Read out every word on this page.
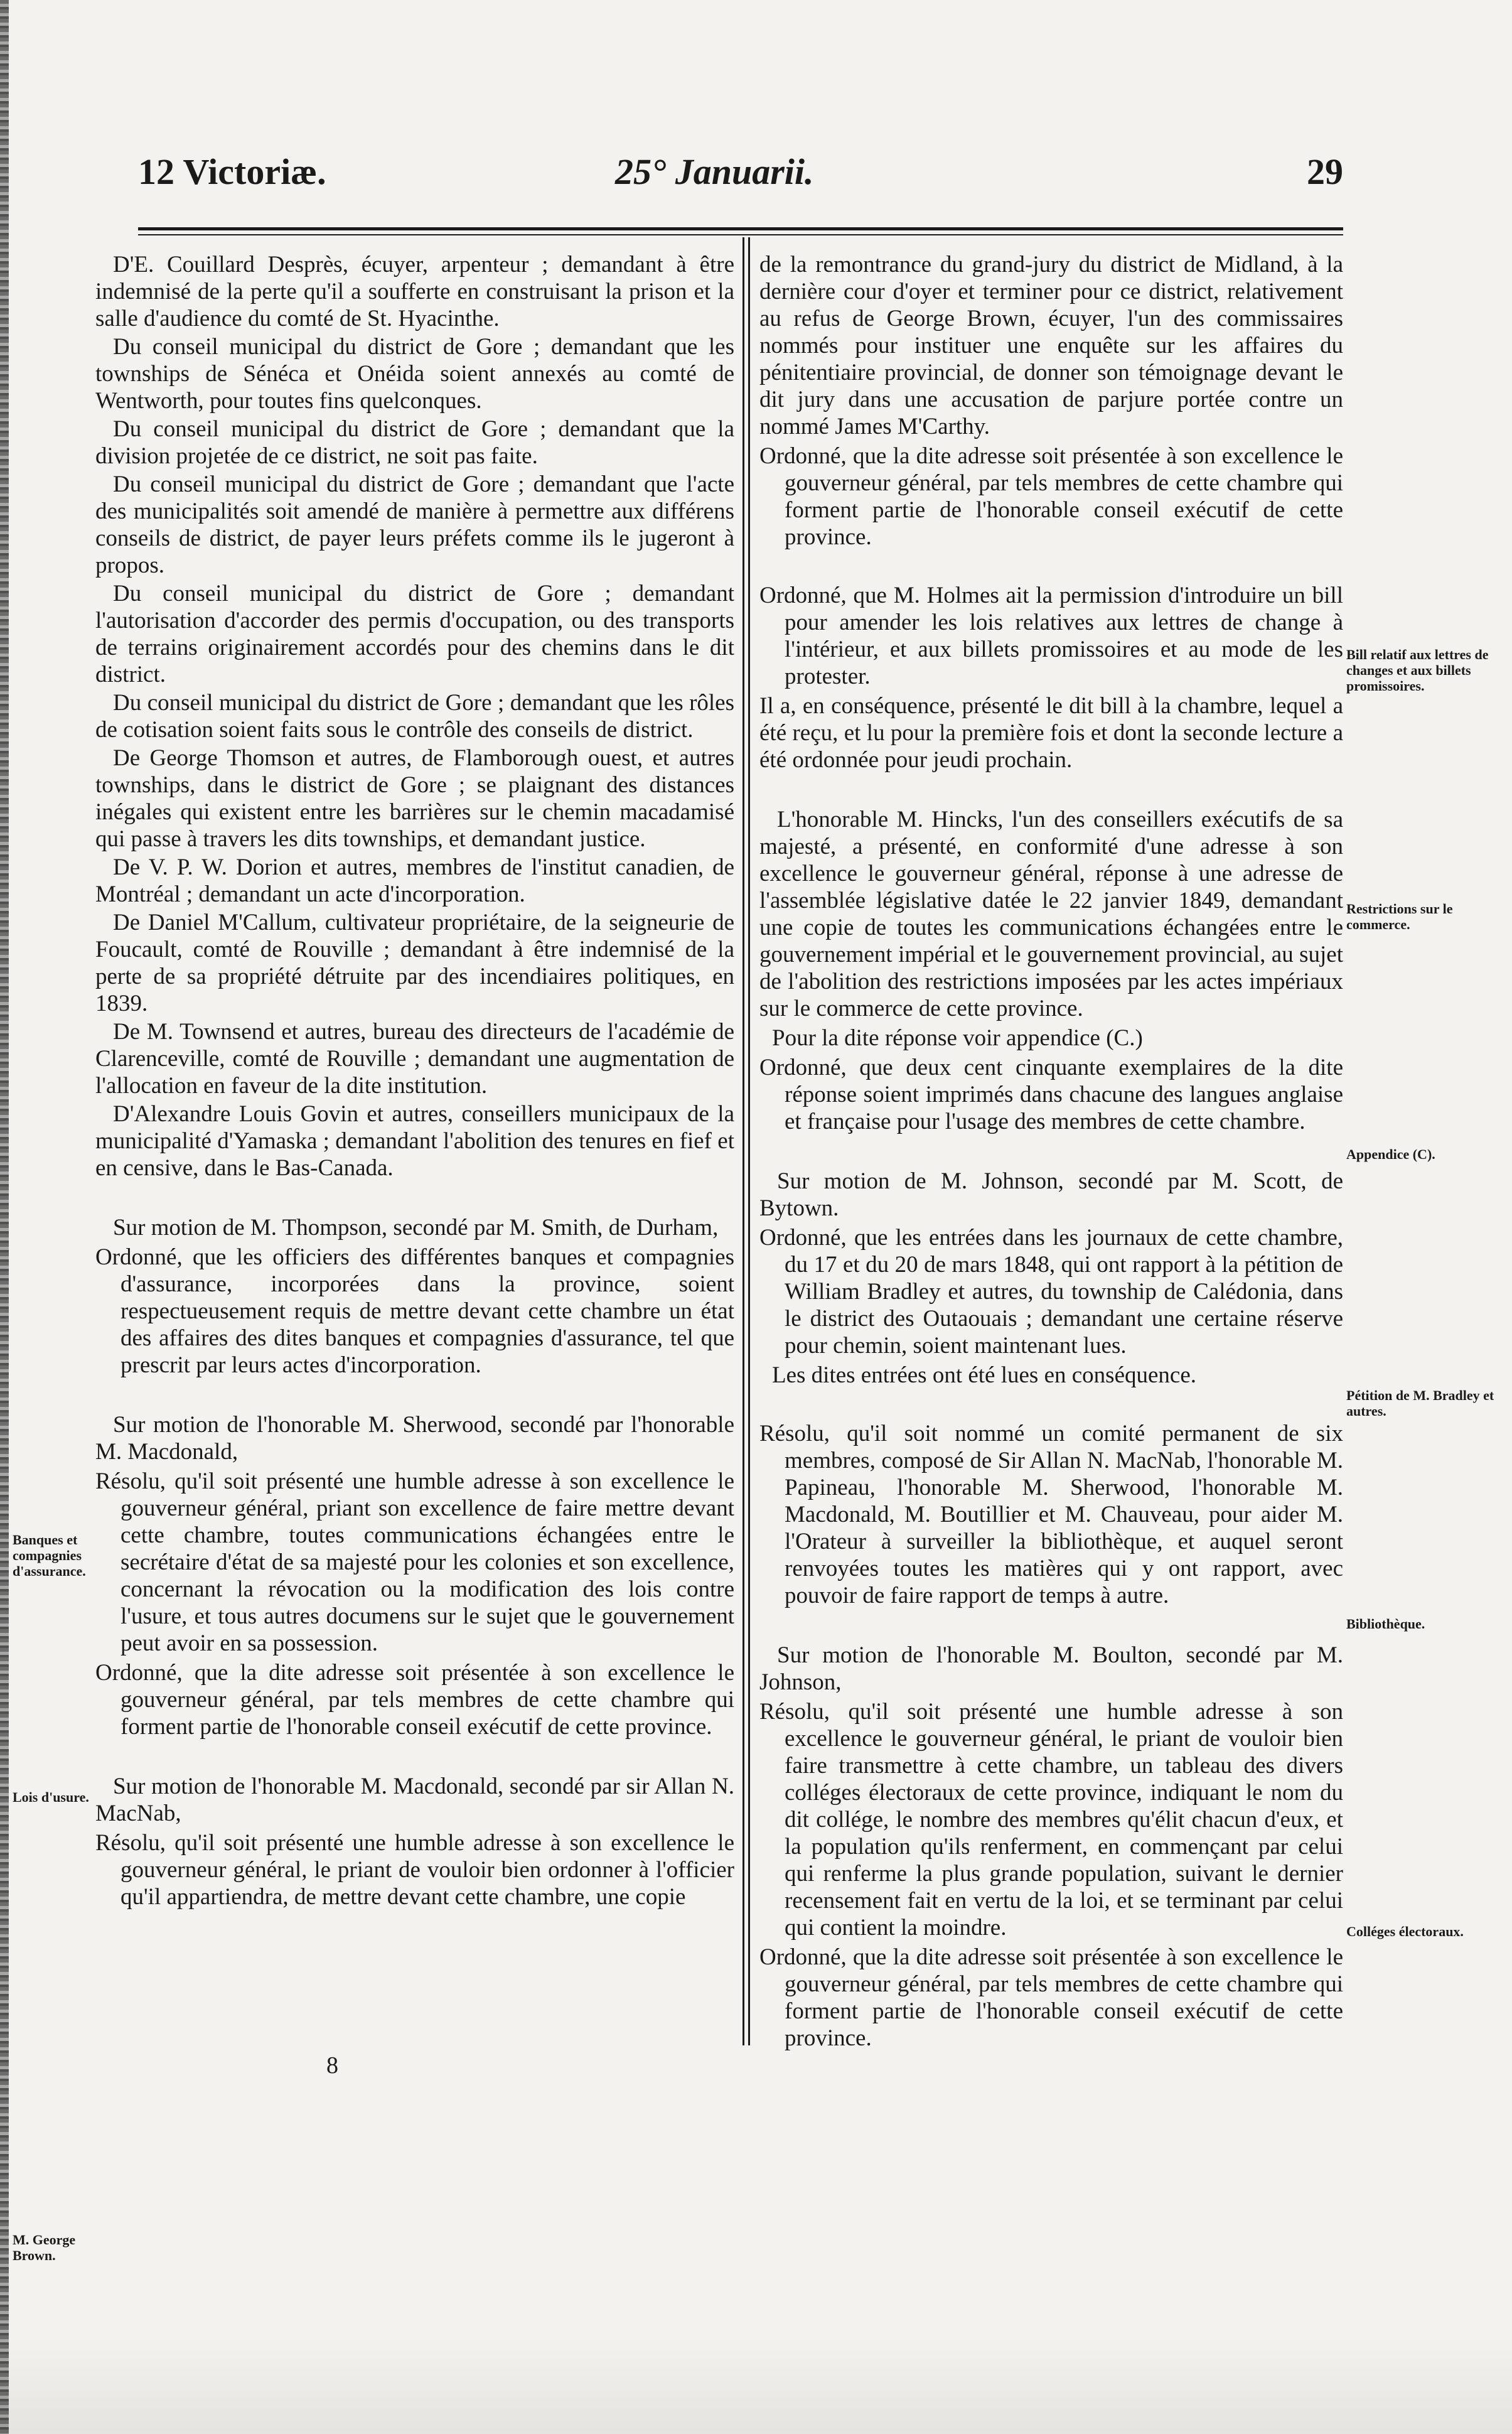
12 Victoriæ.	25° Januarii.	29

D'E. Couillard Desprès, écuyer, arpenteur ; demandant à être indemnisé de la perte qu'il a soufferte en construisant la prison et la salle d'audience du comté de St. Hyacinthe.

Du conseil municipal du district de Gore ; demandant que les townships de Sénéca et Onéida soient annexés au comté de Wentworth, pour toutes fins quelconques.

Du conseil municipal du district de Gore ; demandant que la division projetée de ce district, ne soit pas faite.

Du conseil municipal du district de Gore ; demandant que l'acte des municipalités soit amendé de manière à permettre aux différens conseils de district, de payer leurs préfets comme ils le jugeront à propos.

Du conseil municipal du district de Gore ; demandant l'autorisation d'accorder des permis d'occupation, ou des transports de terrains originairement accordés pour des chemins dans le dit district.

Du conseil municipal du district de Gore ; demandant que les rôles de cotisation soient faits sous le contrôle des conseils de district.

De George Thomson et autres, de Flamborough ouest, et autres townships, dans le district de Gore ; se plaignant des distances inégales qui existent entre les barrières sur le chemin macadamisé qui passe à travers les dits townships, et demandant justice.

De V. P. W. Dorion et autres, membres de l'institut canadien, de Montréal ; demandant un acte d'incorporation.

De Daniel M'Callum, cultivateur propriétaire, de la seigneurie de Foucault, comté de Rouville ; demandant à être indemnisé de la perte de sa propriété détruite par des incendiaires politiques, en 1839.

De M. Townsend et autres, bureau des directeurs de l'académie de Clarenceville, comté de Rouville ; demandant une augmentation de l'allocation en faveur de la dite institution.

D'Alexandre Louis Govin et autres, conseillers municipaux de la municipalité d'Yamaska ; demandant l'abolition des tenures en fief et en censive, dans le Bas-Canada.

Sur motion de M. Thompson, secondé par M. Smith, de Durham,

Ordonné, que les officiers des différentes banques et compagnies d'assurance, incorporées dans la province, soient respectueusement requis de mettre devant cette chambre un état des affaires des dites banques et compagnies d'assurance, tel que prescrit par leurs actes d'incorporation.

Sur motion de l'honorable M. Sherwood, secondé par l'honorable M. Macdonald,

Résolu, qu'il soit présenté une humble adresse à son excellence le gouverneur général, priant son excellence de faire mettre devant cette chambre, toutes communications échangées entre le secrétaire d'état de sa majesté pour les colonies et son excellence, concernant la révocation ou la modification des lois contre l'usure, et tous autres documens sur le sujet que le gouvernement peut avoir en sa possession.

Ordonné, que la dite adresse soit présentée à son excellence le gouverneur général, par tels membres de cette chambre qui forment partie de l'honorable conseil exécutif de cette province.

Sur motion de l'honorable M. Macdonald, secondé par sir Allan N. MacNab,

Résolu, qu'il soit présenté une humble adresse à son excellence le gouverneur général, le priant de vouloir bien ordonner à l'officier qu'il appartiendra, de mettre devant cette chambre, une copie

de la remontrance du grand-jury du district de Midland, à la dernière cour d'oyer et terminer pour ce district, relativement au refus de George Brown, écuyer, l'un des commissaires nommés pour instituer une enquête sur les affaires du pénitentiaire provincial, de donner son témoignage devant le dit jury dans une accusation de parjure portée contre un nommé James M'Carthy.

Ordonné, que la dite adresse soit présentée à son excellence le gouverneur général, par tels membres de cette chambre qui forment partie de l'honorable conseil exécutif de cette province.

Ordonné, que M. Holmes ait la permission d'introduire un bill pour amender les lois relatives aux lettres de change à l'intérieur, et aux billets promissoires et au mode de les protester.

Il a, en conséquence, présenté le dit bill à la chambre, lequel a été reçu, et lu pour la première fois et dont la seconde lecture a été ordonnée pour jeudi prochain.

L'honorable M. Hincks, l'un des conseillers exécutifs de sa majesté, a présenté, en conformité d'une adresse à son excellence le gouverneur général, réponse à une adresse de l'assemblée législative datée le 22 janvier 1849, demandant une copie de toutes les communications échangées entre le gouvernement impérial et le gouvernement provincial, au sujet de l'abolition des restrictions imposées par les actes impériaux sur le commerce de cette province.

Pour la dite réponse voir appendice (C.)

Ordonné, que deux cent cinquante exemplaires de la dite réponse soient imprimés dans chacune des langues anglaise et française pour l'usage des membres de cette chambre.

Sur motion de M. Johnson, secondé par M. Scott, de Bytown.

Ordonné, que les entrées dans les journaux de cette chambre, du 17 et du 20 de mars 1848, qui ont rapport à la pétition de William Bradley et autres, du township de Calédonia, dans le district des Outaouais ; demandant une certaine réserve pour chemin, soient maintenant lues.

Les dites entrées ont été lues en conséquence.

Résolu, qu'il soit nommé un comité permanent de six membres, composé de Sir Allan N. MacNab, l'honorable M. Papineau, l'honorable M. Sherwood, l'honorable M. Macdonald, M. Boutillier et M. Chauveau, pour aider M. l'Orateur à surveiller la bibliothèque, et auquel seront renvoyées toutes les matières qui y ont rapport, avec pouvoir de faire rapport de temps à autre.

Sur motion de l'honorable M. Boulton, secondé par M. Johnson,

Résolu, qu'il soit présenté une humble adresse à son excellence le gouverneur général, le priant de vouloir bien faire transmettre à cette chambre, un tableau des divers colléges électoraux de cette province, indiquant le nom du dit collége, le nombre des membres qu'élit chacun d'eux, et la population qu'ils renferment, en commençant par celui qui renferme la plus grande population, suivant le dernier recensement fait en vertu de la loi, et se terminant par celui qui contient la moindre.

Ordonné, que la dite adresse soit présentée à son excellence le gouverneur général, par tels membres de cette chambre qui forment partie de l'honorable conseil exécutif de cette province.

Banques et compagnies d'assurance.
Lois d'usure.
M. George Brown.
Bill relatif aux lettres de changes et aux billets promissoires.
Restrictions sur le commerce.
Appendice (C).
Pétition de M. Bradley et autres.
Bibliothèque.
Colléges électoraux.
8
